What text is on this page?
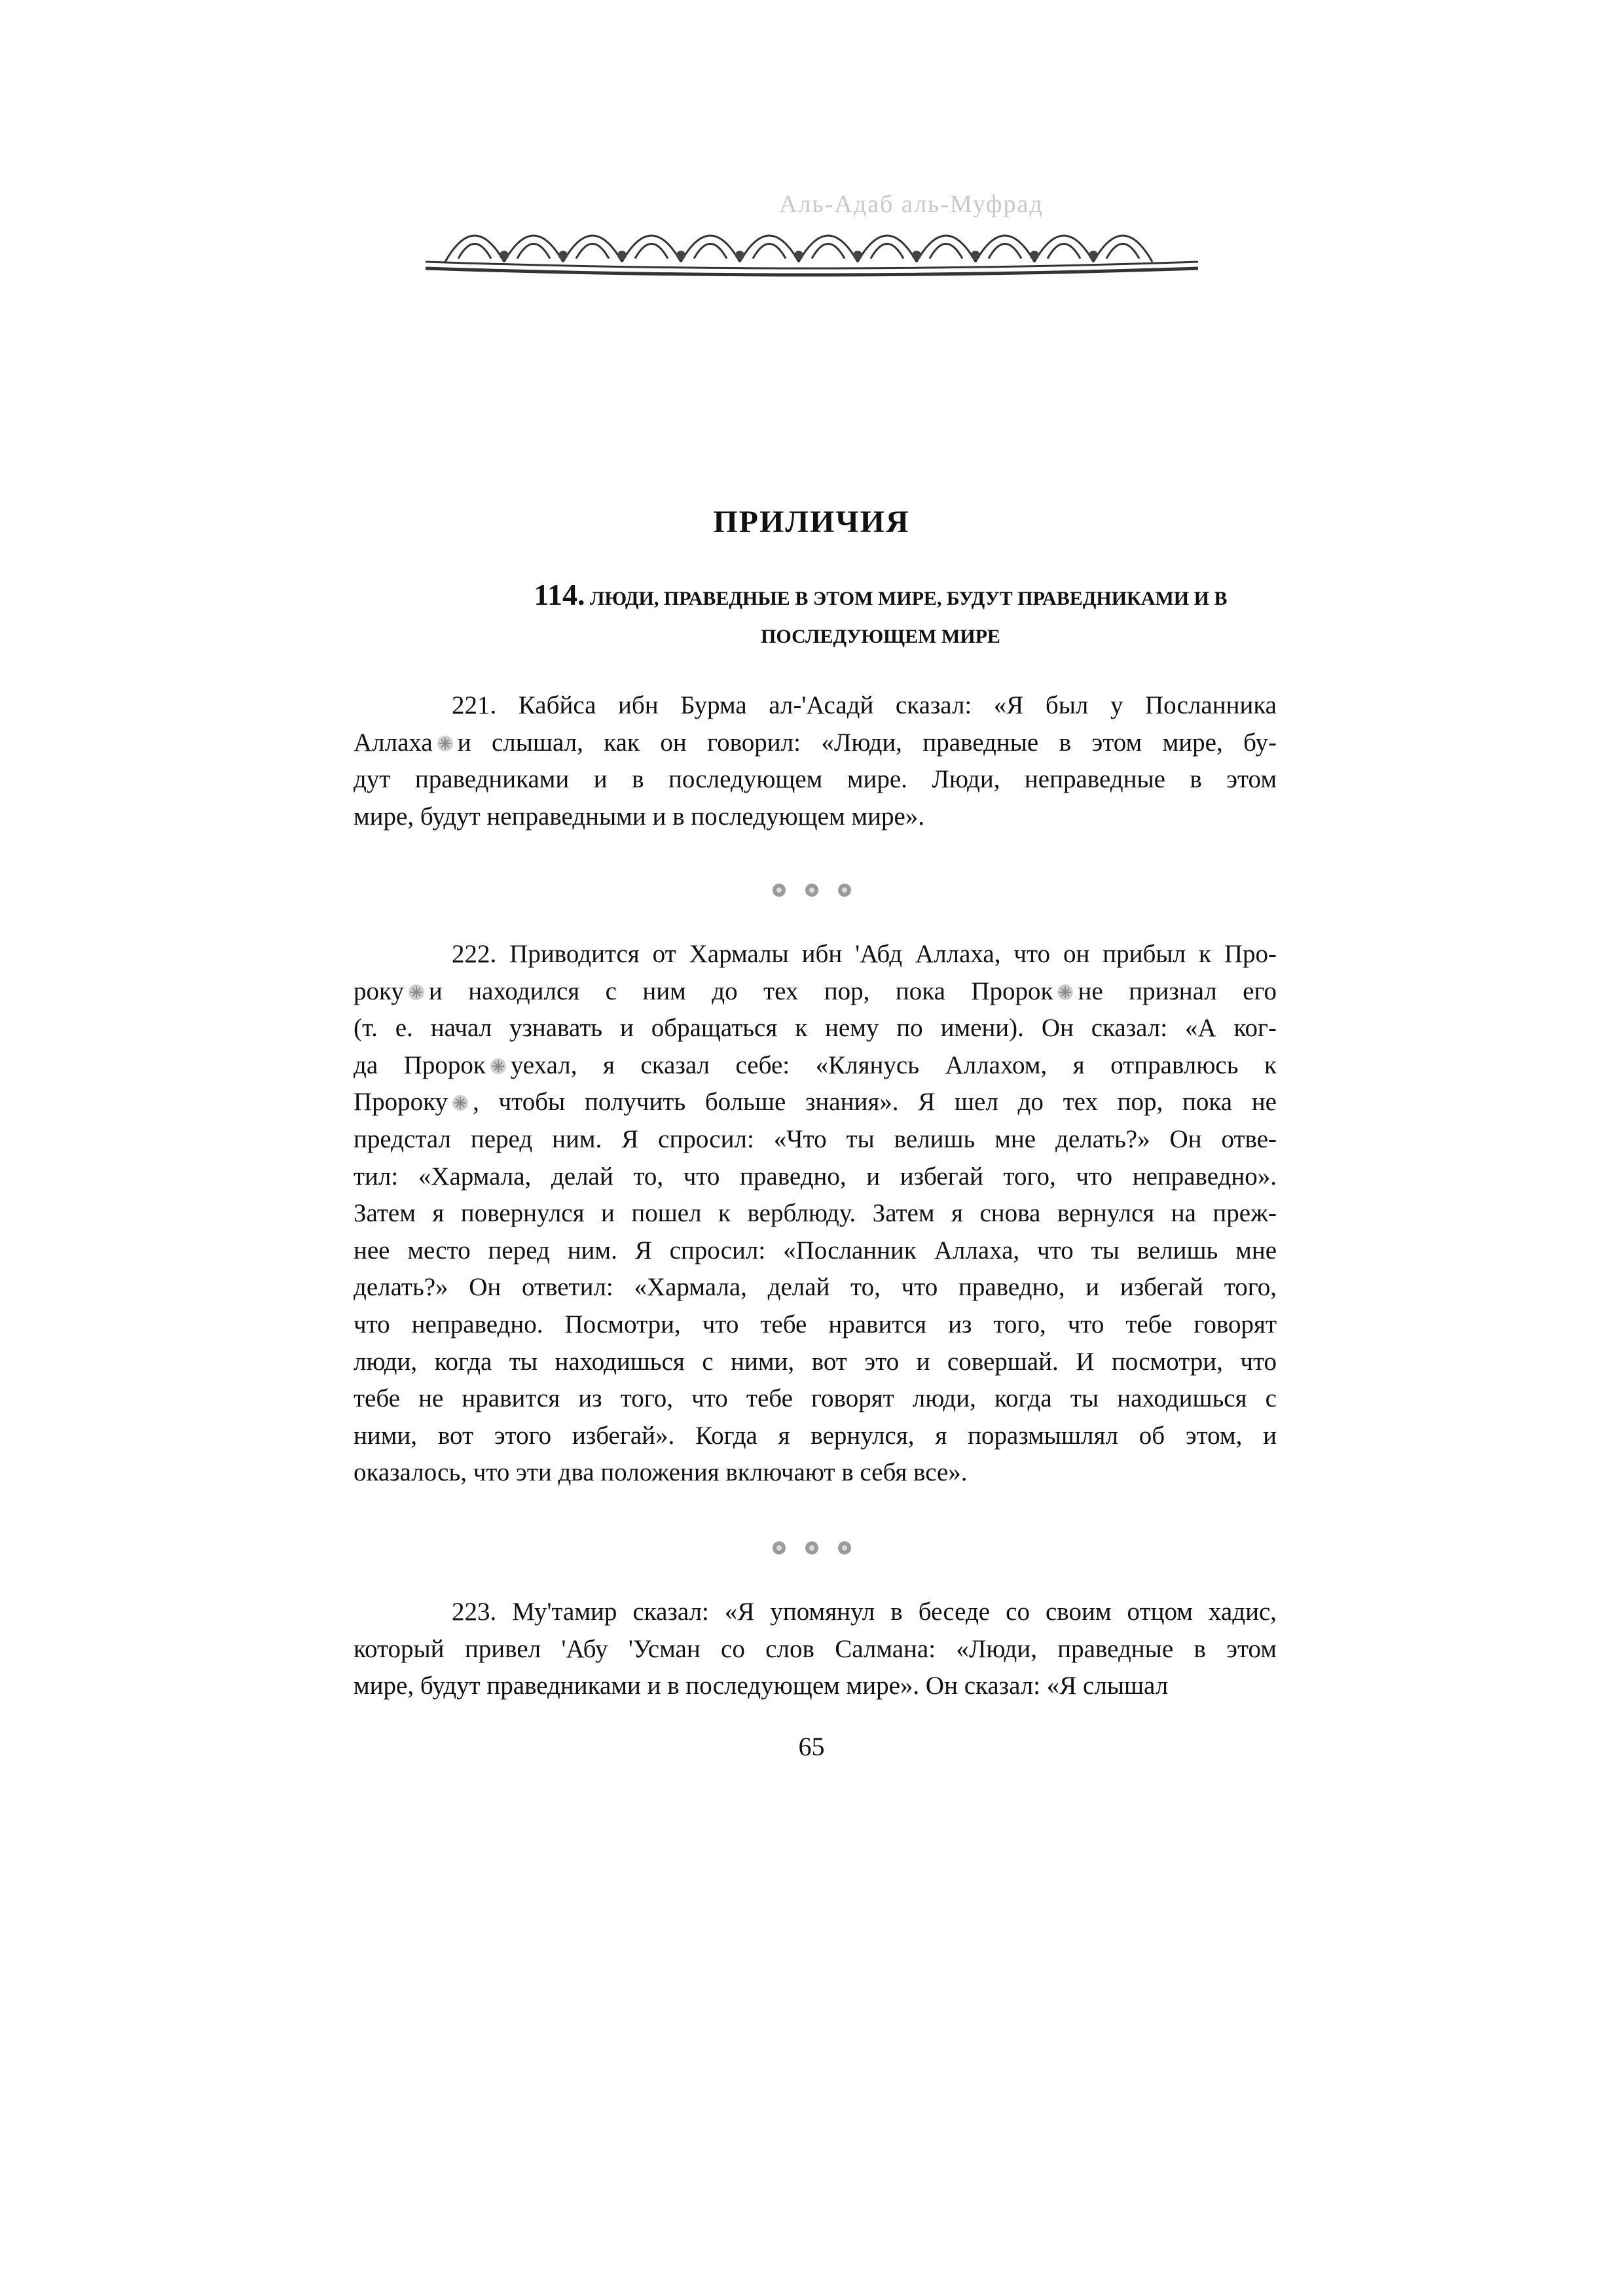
Аль-Адаб аль-Муфрад
ПРИЛИЧИЯ
114. ЛЮДИ, ПРАВЕДНЫЕ В ЭТОМ МИРЕ, БУДУТ ПРАВЕДНИКАМИ И В
ПОСЛЕДУЮЩЕМ МИРЕ
221. Кабйса ибн Бурма ал-'Асадй сказал: «Я был у Посланника
Аллаха и слышал, как он говорил: «Люди, праведные в этом мире, бу-
дут праведниками и в последующем мире. Люди, неправедные в этом
мире, будут неправедными и в последующем мире».
222. Приводится от Хармалы ибн 'Абд Аллаха, что он прибыл к Про-
року и находился с ним до тех пор, пока Пророк не признал его
(т. е. начал узнавать и обращаться к нему по имени). Он сказал: «А ког-
да Пророк уехал, я сказал себе: «Клянусь Аллахом, я отправлюсь к
Пророку , чтобы получить больше знания». Я шел до тех пор, пока не
предстал перед ним. Я спросил: «Что ты велишь мне делать?» Он отве-
тил: «Хармала, делай то, что праведно, и избегай того, что неправедно».
Затем я повернулся и пошел к верблюду. Затем я снова вернулся на преж-
нее место перед ним. Я спросил: «Посланник Аллаха, что ты велишь мне
делать?» Он ответил: «Хармала, делай то, что праведно, и избегай того,
что неправедно. Посмотри, что тебе нравится из того, что тебе говорят
люди, когда ты находишься с ними, вот это и совершай. И посмотри, что
тебе не нравится из того, что тебе говорят люди, когда ты находишься с
ними, вот этого избегай». Когда я вернулся, я поразмышлял об этом, и
оказалось, что эти два положения включают в себя все».
223. Му'тамир сказал: «Я упомянул в беседе со своим отцом хадис,
который привел 'Абу 'Усман со слов Салмана: «Люди, праведные в этом
мире, будут праведниками и в последующем мире». Он сказал: «Я слышал
65
